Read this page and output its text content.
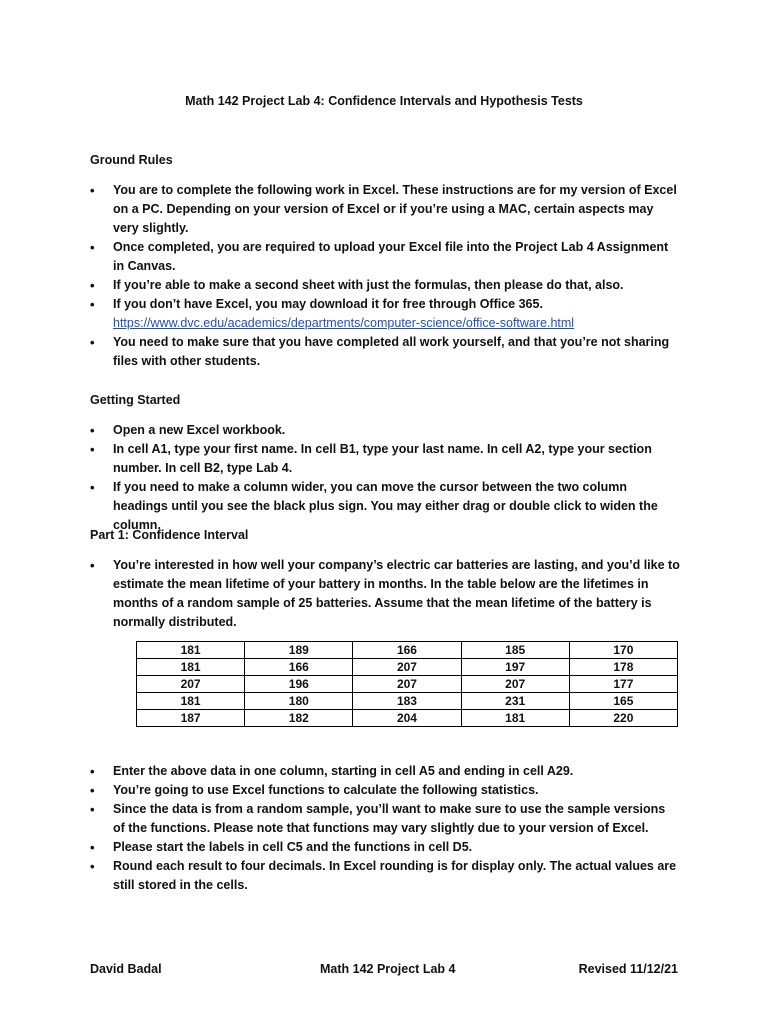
Math 142 Project Lab 4: Confidence Intervals and Hypothesis Tests
Ground Rules
• You are to complete the following work in Excel. These instructions are for my version of Excel on a PC. Depending on your version of Excel or if you’re using a MAC, certain aspects may very slightly.
• Once completed, you are required to upload your Excel file into the Project Lab 4 Assignment in Canvas.
• If you’re able to make a second sheet with just the formulas, then please do that, also.
• If you don’t have Excel, you may download it for free through Office 365.
https://www.dvc.edu/academics/departments/computer-science/office-software.html
• You need to make sure that you have completed all work yourself, and that you’re not sharing files with other students.
Getting Started
• Open a new Excel workbook.
• In cell A1, type your first name. In cell B1, type your last name. In cell A2, type your section number. In cell B2, type Lab 4.
• If you need to make a column wider, you can move the cursor between the two column headings until you see the black plus sign. You may either drag or double click to widen the column.
Part 1: Confidence Interval
• You’re interested in how well your company’s electric car batteries are lasting, and you’d like to estimate the mean lifetime of your battery in months. In the table below are the lifetimes in months of a random sample of 25 batteries. Assume that the mean lifetime of the battery is normally distributed.
181	189	166	185	170
181	166	207	197	178
207	196	207	207	177
181	180	183	231	165
187	182	204	181	220
• Enter the above data in one column, starting in cell A5 and ending in cell A29.
• You’re going to use Excel functions to calculate the following statistics.
• Since the data is from a random sample, you’ll want to make sure to use the sample versions of the functions. Please note that functions may vary slightly due to your version of Excel.
• Please start the labels in cell C5 and the functions in cell D5.
• Round each result to four decimals. In Excel rounding is for display only. The actual values are still stored in the cells.
David Badal	Math 142 Project Lab 4	Revised 11/12/21
